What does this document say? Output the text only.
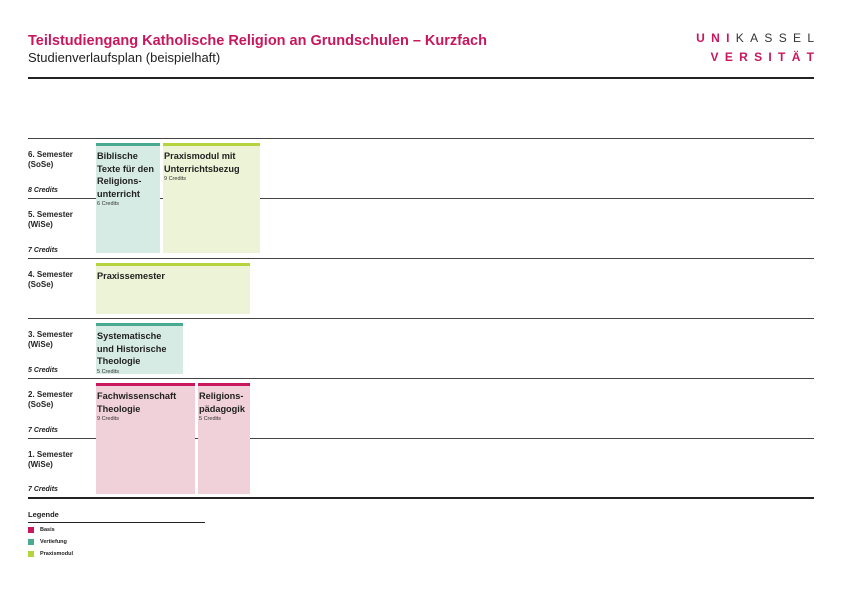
Teilstudiengang Katholische Religion an Grundschulen – Kurzfach
Studienverlaufsplan (beispielhaft)
UNIKASSEL
VERSITÄT
6. Semester
(SoSe)
8 Credits
5. Semester
(WiSe)
7 Credits
4. Semester
(SoSe)
3. Semester
(WiSe)
5 Credits
2. Semester
(SoSe)
7 Credits
1. Semester
(WiSe)
7 Credits
Biblische Texte für den Religions-unterricht
6 Credits
Praxismodul mit Unterrichtsbezug
9 Credits
Praxissemester
Systematische und Historische Theologie
5 Credits
Fachwissenschaft Theologie
9 Credits
Religions-pädagogik
5 Credits
Legende
Basis
Vertiefung
Praxismodul
